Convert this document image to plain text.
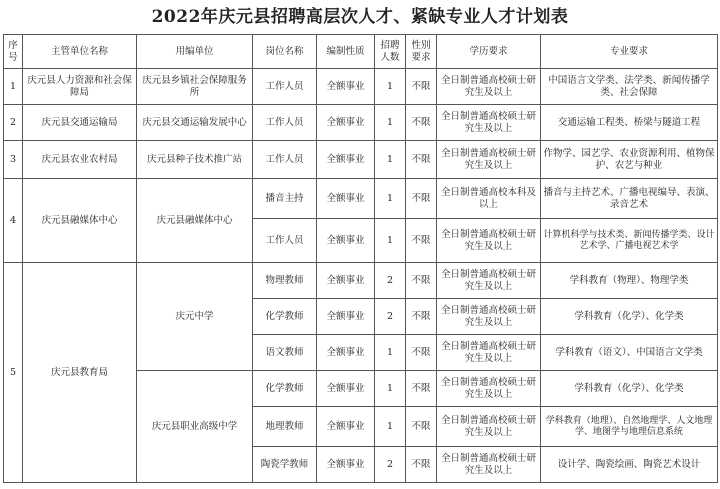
2022年庆元县招聘高层次人才、紧缺专业人才计划表
序号	主管单位名称	用编单位	岗位名称	编制性质	招聘人数	性别要求	学历要求	专业要求
1	庆元县人力资源和社会保障局	庆元县乡镇社会保障服务所	工作人员	全额事业	1	不限	全日制普通高校硕士研究生及以上	中国语言文学类、法学类、新闻传播学类、社会保障
2	庆元县交通运输局	庆元县交通运输发展中心	工作人员	全额事业	1	不限	全日制普通高校硕士研究生及以上	交通运输工程类、桥梁与隧道工程
3	庆元县农业农村局	庆元县种子技术推广站	工作人员	全额事业	1	不限	全日制普通高校硕士研究生及以上	作物学、园艺学、农业资源利用、植物保护、农艺与种业
4	庆元县融媒体中心	庆元县融媒体中心	播音主持	全额事业	1	不限	全日制普通高校本科及以上	播音与主持艺术、广播电视编导、表演、录音艺术
			工作人员	全额事业	1	不限	全日制普通高校硕士研究生及以上	计算机科学与技术类、新闻传播学类、设计艺术学、广播电视艺术学
5	庆元县教育局	庆元中学	物理教师	全额事业	2	不限	全日制普通高校硕士研究生及以上	学科教育（物理）、物理学类
			化学教师	全额事业	2	不限	全日制普通高校硕士研究生及以上	学科教育（化学）、化学类
			语文教师	全额事业	1	不限	全日制普通高校硕士研究生及以上	学科教育（语文）、中国语言文学类
		庆元县职业高级中学	化学教师	全额事业	1	不限	全日制普通高校硕士研究生及以上	学科教育（化学）、化学类
			地理教师	全额事业	1	不限	全日制普通高校硕士研究生及以上	学科教育（地理）、自然地理学、人文地理学、地图学与地理信息系统
			陶瓷学教师	全额事业	2	不限	全日制普通高校硕士研究生及以上	设计学、陶瓷绘画、陶瓷艺术设计
